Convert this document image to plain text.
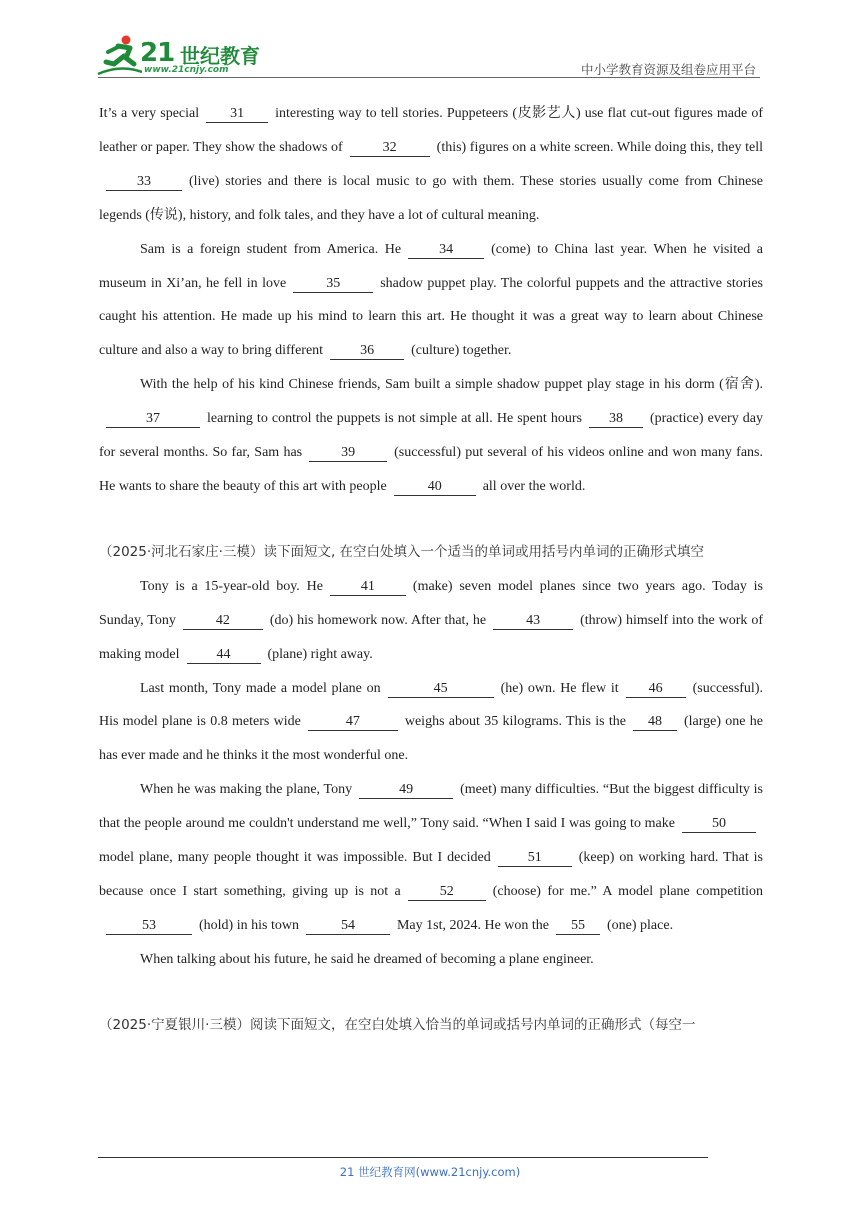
21 世纪教育
www.21cnjy.com	中小学教育资源及组卷应用平台

It’s a very special 31 interesting way to tell stories. Puppeteers (皮影艺人) use flat cut-out figures made of leather or paper. They show the shadows of	32	(this) figures on a white screen. While doing this, they tell33	(live) stories and there is local music to go with them. These stories usually come from Chinese legends (传说), history, and folk tales, and they have a lot of cultural meaning.

Sam is a foreign student from America. He	34	(come) to China last year. When he visited a museum in Xi’an, he fell in love	35	shadow puppet play. The colorful puppets and the attractive stories caught his attention. He made up his mind to learn this art. He thought it was a great way to learn about Chinese culture and also a way to bring different	36	(culture) together.

With the help of his kind Chinese friends, Sam built a simple shadow puppet play stage in his dorm (宿舍).37	learning to control the puppets is not simple at all. He spent hours 38 (practice) every day for several months. So far, Sam has	39	(successful) put several of his videos online and won many fans. He wants to share the beauty of this art with people	40	all over the world.

（2025·河北石家庄·三模）读下面短文, 在空白处填入一个适当的单词或用括号内单词的正确形式填空

Tony is a 15-year-old boy. He	41	(make) seven model planes since two years ago. Today is Sunday, Tony	42	(do) his homework now. After that, he	43	(throw) himself into the work of making model	44	(plane) right away.

Last month, Tony made a model plane on	45	(he) own. He flew it 46 (successful). His model plane is 0.8 meters wide	47	weighs about 35 kilograms. This is the 48 (large) one he has ever made and he thinks it the most wonderful one.

When he was making the plane, Tony	49	(meet) many difficulties. “But the biggest difficulty is that the people around me couldn't understand me well,” Tony said. “When I said I was going to make	50model plane, many people thought it was impossible. But I decided	51	(keep) on working hard. That is because once I start something, giving up is not a	52	(choose) for me.” A model plane competition53	(hold) in his town	54	May 1st, 2024. He won the 55 (one) place.

When talking about his future, he said he dreamed of becoming a plane engineer.

（2025·宁夏银川·三模）阅读下面短文，在空白处填入恰当的单词或括号内单词的正确形式（每空一

21 世纪教育网(www.21cnjy.com)
